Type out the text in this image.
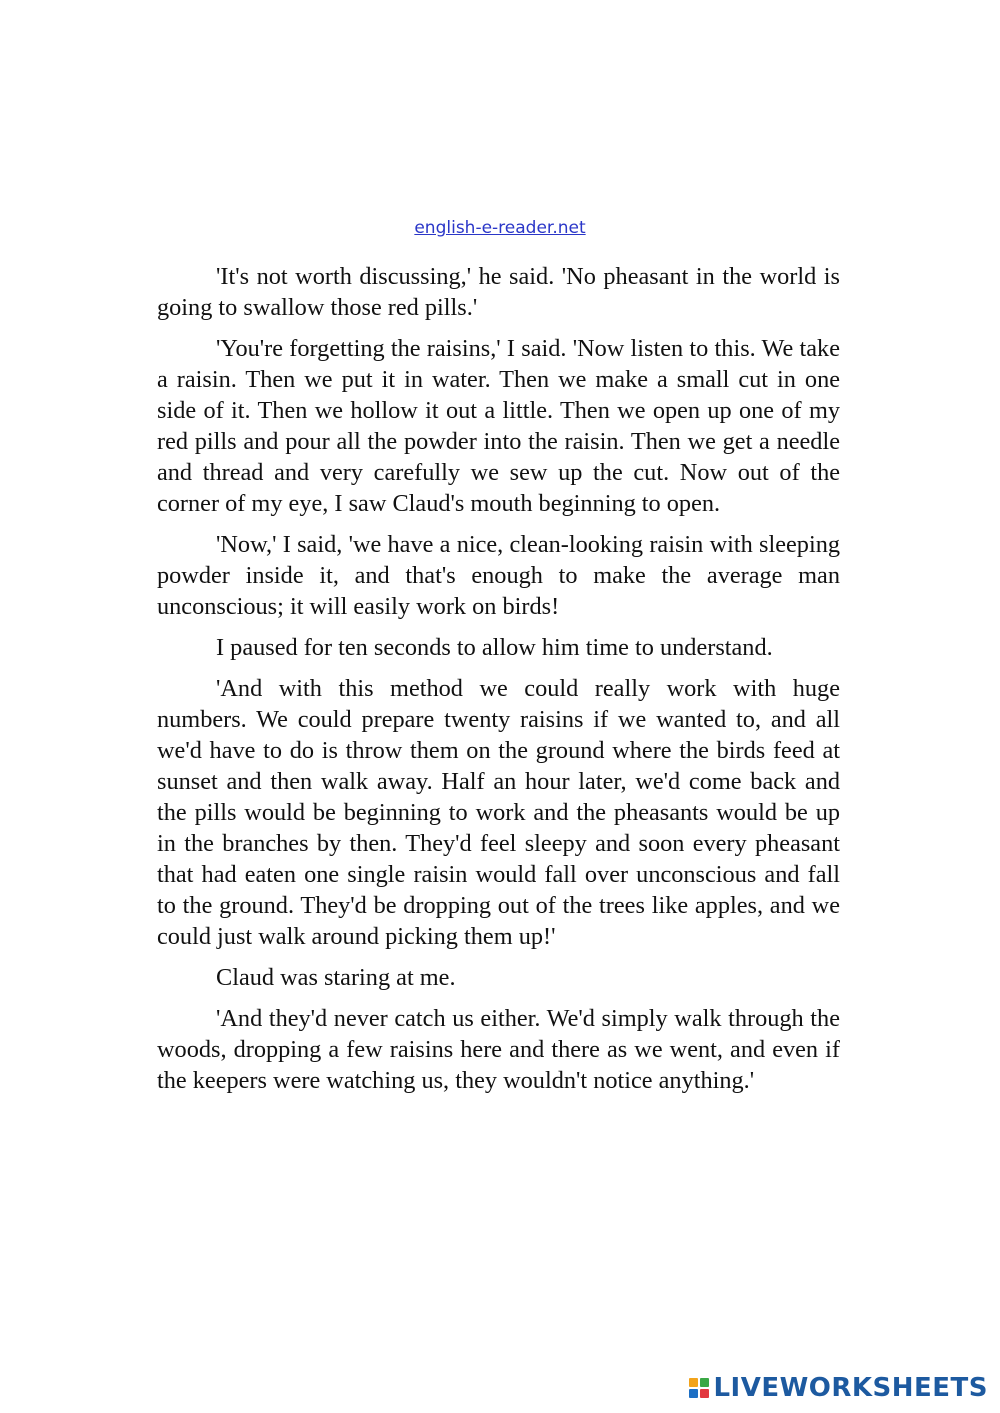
english-e-reader.net

'It's not worth discussing,' he said. 'No pheasant in the world is going to swallow those red pills.'

'You're forgetting the raisins,' I said. 'Now listen to this. We take a raisin. Then we put it in water. Then we make a small cut in one side of it. Then we hollow it out a little. Then we open up one of my red pills and pour all the powder into the raisin. Then we get a needle and thread and very carefully we sew up the cut. Now out of the corner of my eye, I saw Claud's mouth beginning to open.

'Now,' I said, 'we have a nice, clean-looking raisin with sleeping powder inside it, and that's enough to make the average man unconscious; it will easily work on birds!

I paused for ten seconds to allow him time to understand.

'And with this method we could really work with huge numbers. We could prepare twenty raisins if we wanted to, and all we'd have to do is throw them on the ground where the birds feed at sunset and then walk away. Half an hour later, we'd come back and the pills would be beginning to work and the pheasants would be up in the branches by then. They'd feel sleepy and soon every pheasant that had eaten one single raisin would fall over unconscious and fall to the ground. They'd be dropping out of the trees like apples, and we could just walk around picking them up!'

Claud was staring at me.

'And they'd never catch us either. We'd simply walk through the woods, dropping a few raisins here and there as we went, and even if the keepers were watching us, they wouldn't notice anything.'

LIVEWORKSHEETS
